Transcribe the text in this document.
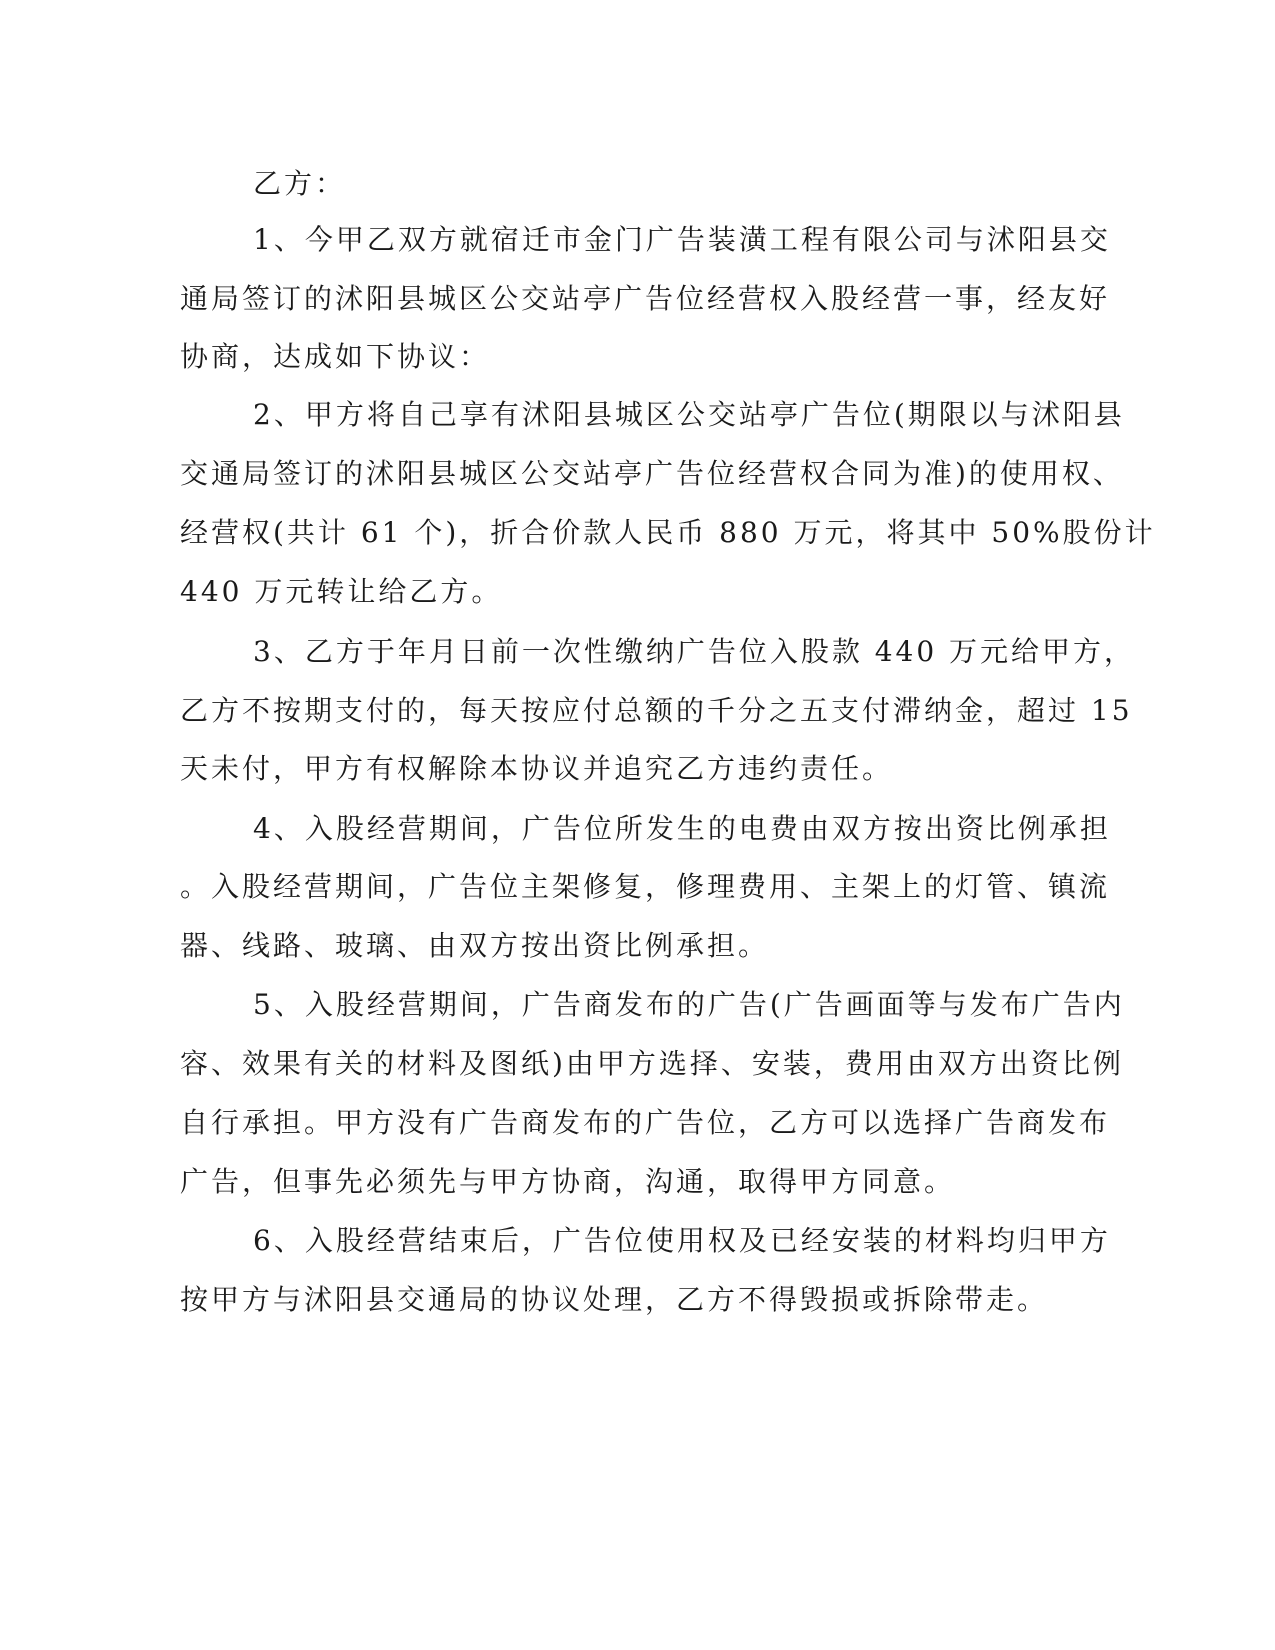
乙方：
1、今甲乙双方就宿迁市金门广告装潢工程有限公司与沭阳县交
通局签订的沭阳县城区公交站亭广告位经营权入股经营一事，经友好
协商，达成如下协议：
2、甲方将自己享有沭阳县城区公交站亭广告位(期限以与沭阳县
交通局签订的沭阳县城区公交站亭广告位经营权合同为准)的使用权、
经营权(共计 61 个)，折合价款人民币 880 万元，将其中 50%股份计
440 万元转让给乙方。
3、乙方于年月日前一次性缴纳广告位入股款 440 万元给甲方，
乙方不按期支付的，每天按应付总额的千分之五支付滞纳金，超过 15
天未付，甲方有权解除本协议并追究乙方违约责任。
4、入股经营期间，广告位所发生的电费由双方按出资比例承担
。入股经营期间，广告位主架修复，修理费用、主架上的灯管、镇流
器、线路、玻璃、由双方按出资比例承担。
5、入股经营期间，广告商发布的广告(广告画面等与发布广告内
容、效果有关的材料及图纸)由甲方选择、安装，费用由双方出资比例
自行承担。甲方没有广告商发布的广告位，乙方可以选择广告商发布
广告，但事先必须先与甲方协商，沟通，取得甲方同意。
6、入股经营结束后，广告位使用权及已经安装的材料均归甲方
按甲方与沭阳县交通局的协议处理，乙方不得毁损或拆除带走。
